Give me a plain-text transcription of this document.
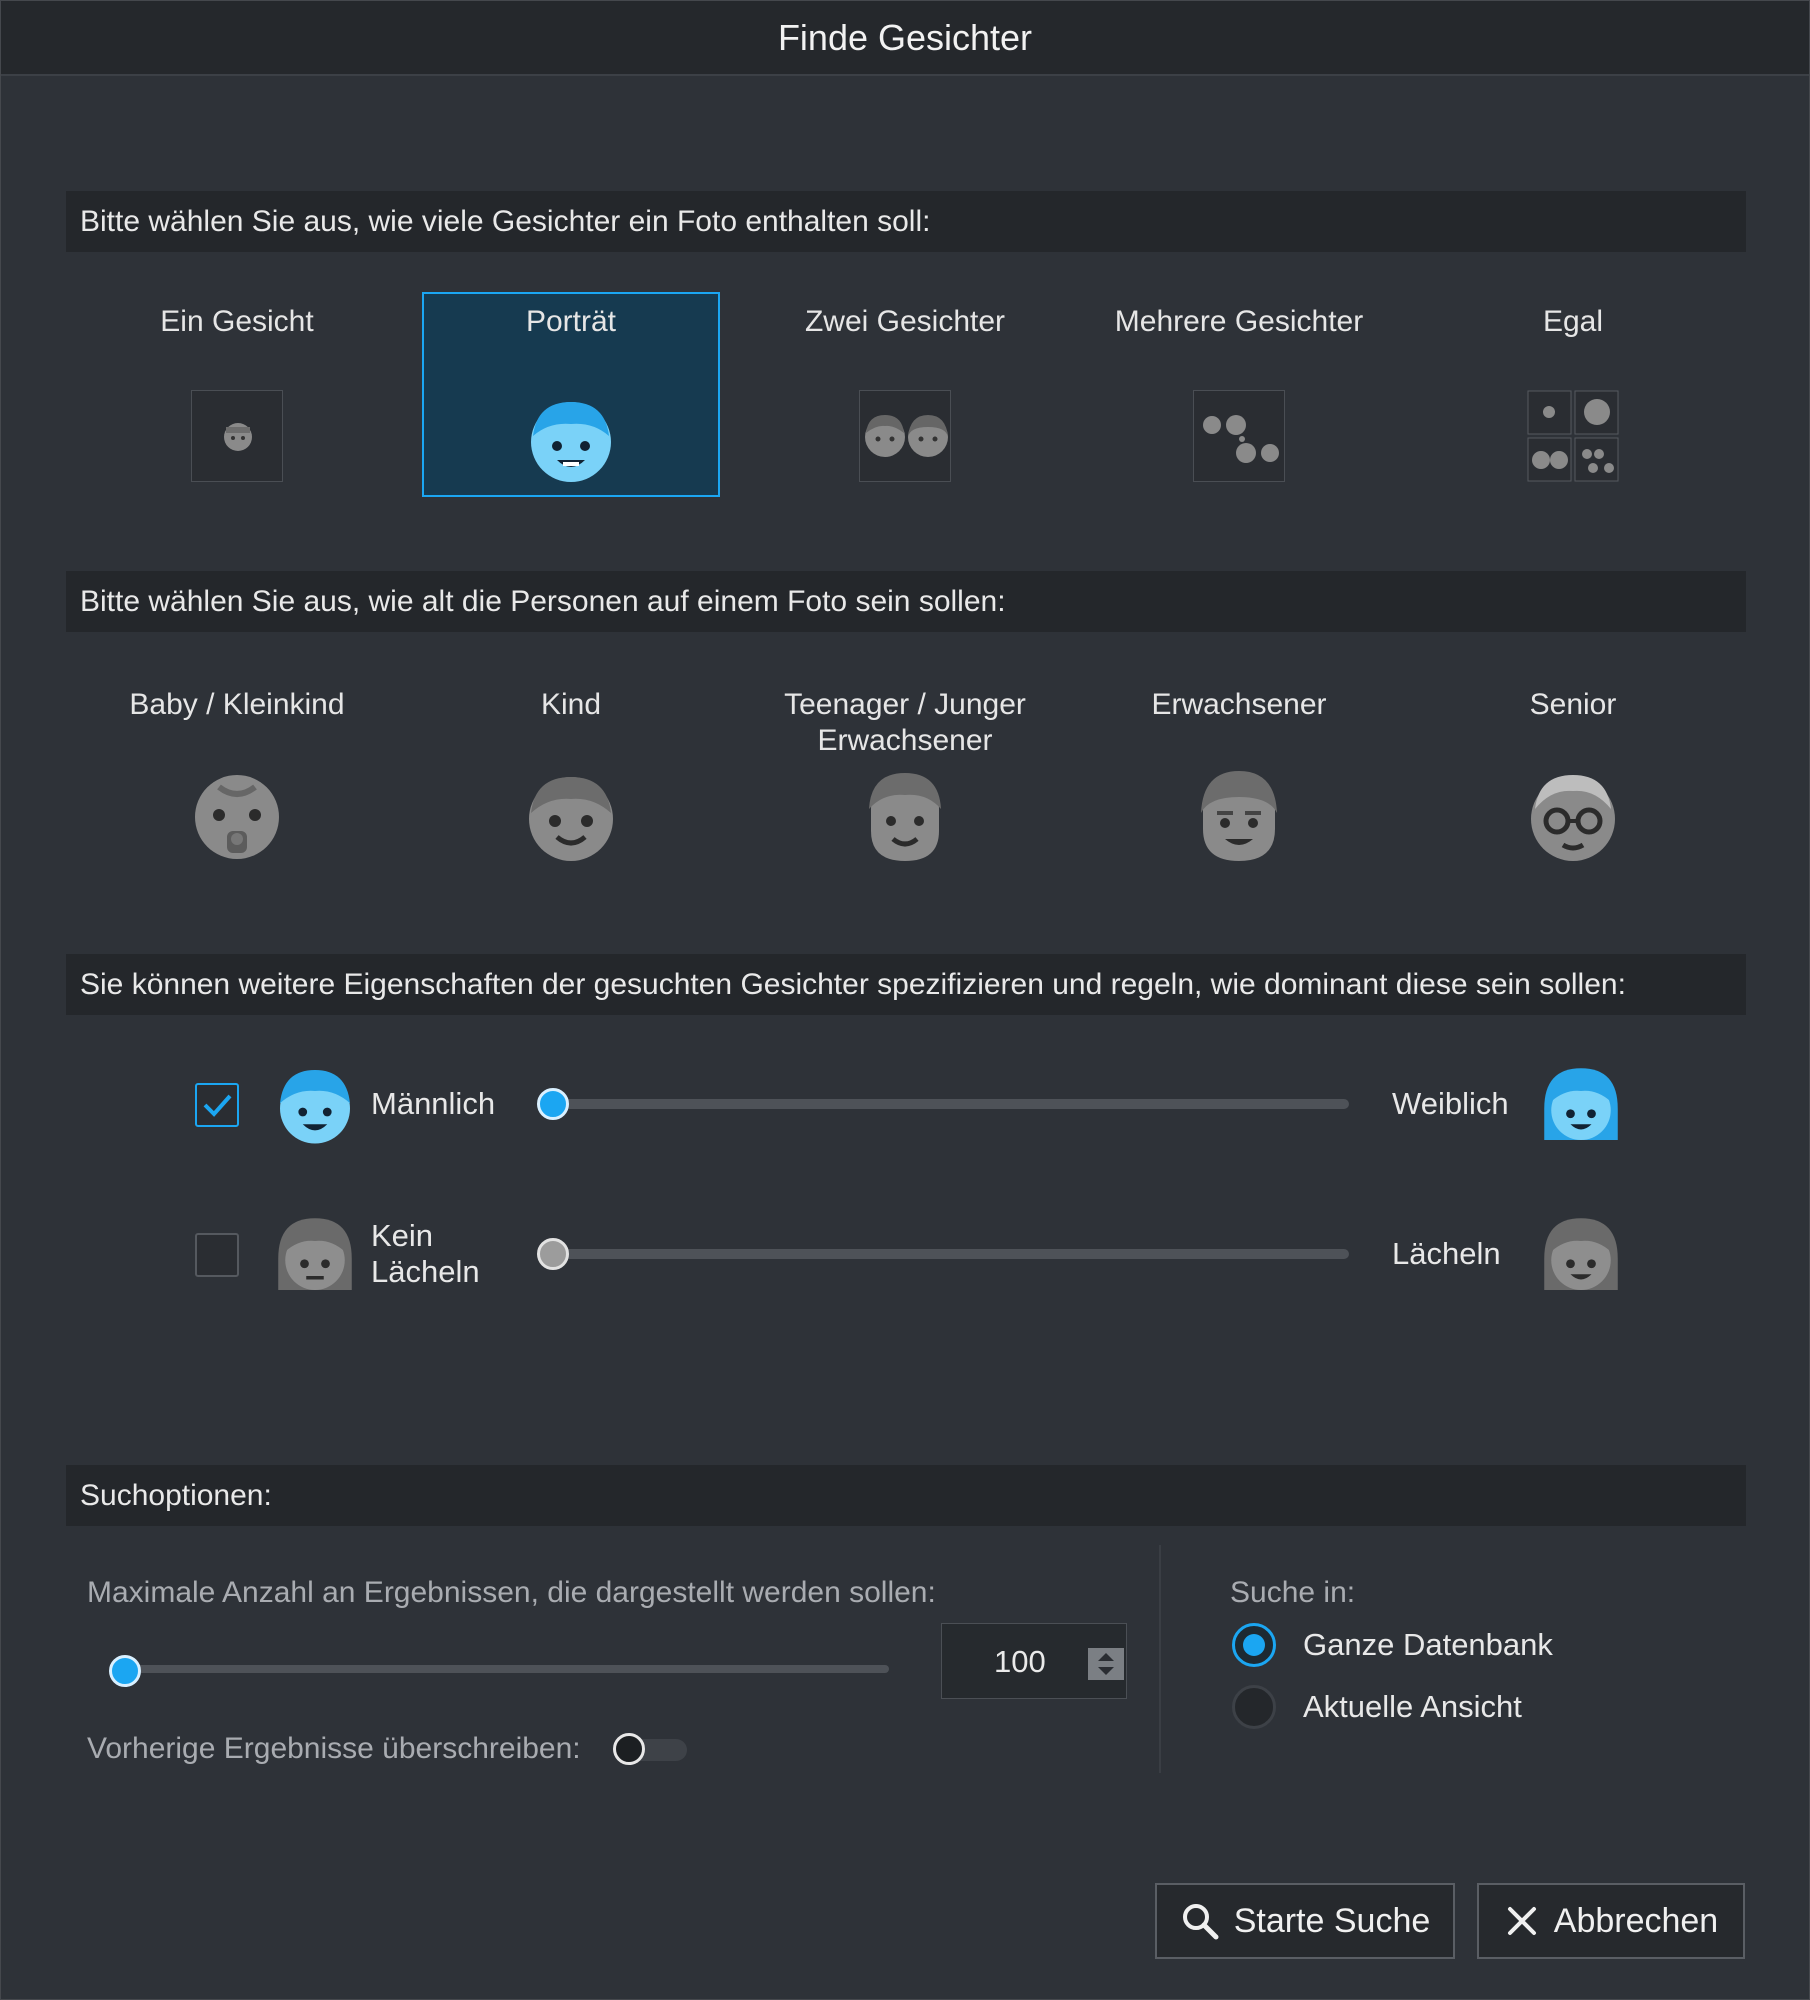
Finde Gesichter
Bitte wählen Sie aus, wie viele Gesichter ein Foto enthalten soll:
Ein Gesicht	Porträt	Zwei Gesichter	Mehrere Gesichter	Egal
Bitte wählen Sie aus, wie alt die Personen auf einem Foto sein sollen:
Baby / Kleinkind	Kind	Teenager / Junger Erwachsener
Erwachsener	Senior
Sie können weitere Eigenschaften der gesuchten Gesichter spezifizieren und regeln, wie dominant diese sein sollen:
Männlich	Weiblich
Kein Lächeln
Lächeln
Suchoptionen:
Maximale Anzahl an Ergebnissen, die dargestellt werden sollen:
100
Vorherige Ergebnisse überschreiben:
Suche in:
Ganze Datenbank
Aktuelle Ansicht
Starte Suche	Abbrechen
